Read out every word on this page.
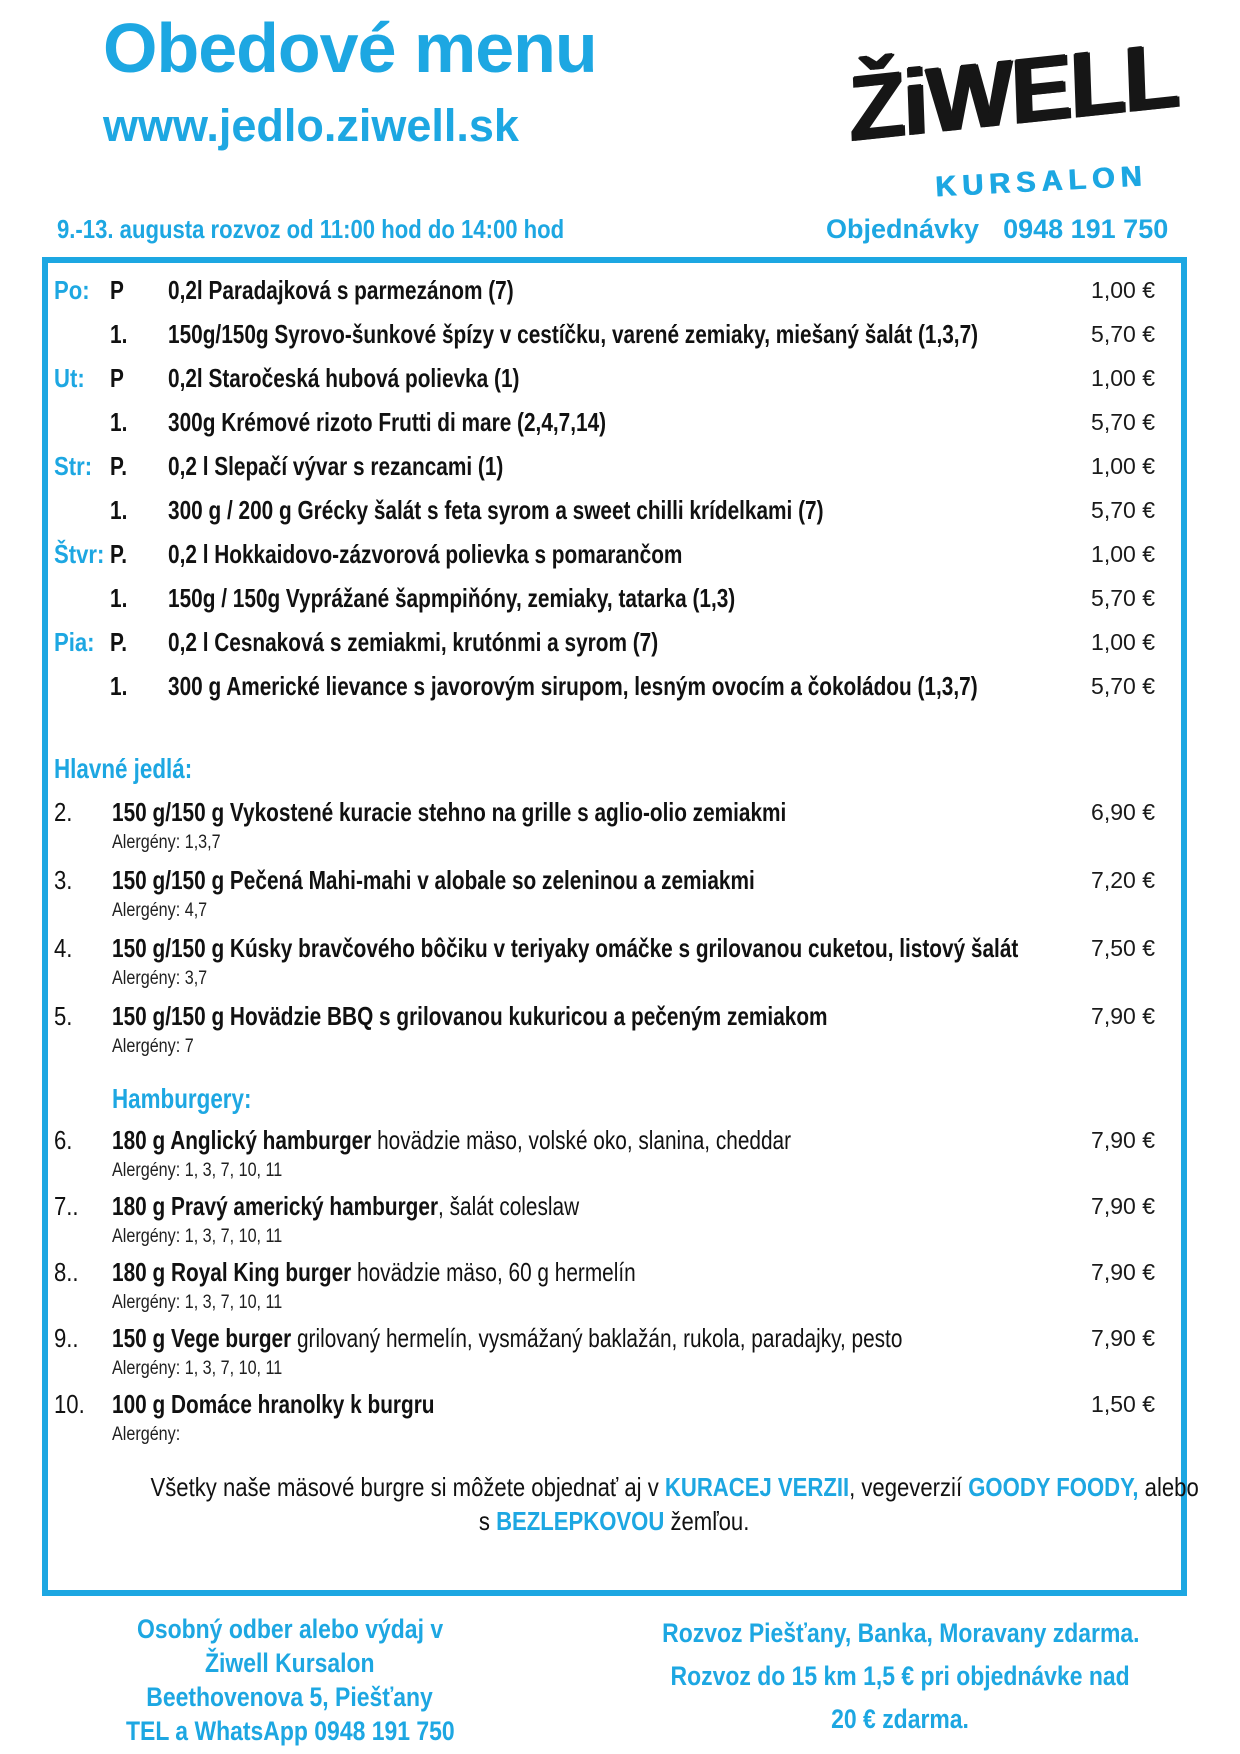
Obedové menu
www.jedlo.ziwell.sk
9.-13. augusta rozvoz od 11:00 hod do 14:00 hod
ŽiWELL
KURSALON
Objednávky 0948 191 750
Po: P	0,2l Paradajková s parmezánom (7)	1,00 €
1.	150g/150g Syrovo-šunkové špízy v cestíčku, varené zemiaky, miešaný šalát (1,3,7)	5,70 €
Ut: P	0,2l Staročeská hubová polievka (1)	1,00 €
1.	300g Krémové rizoto Frutti di mare (2,4,7,14)	5,70 €
Str: P.	0,2 l Slepačí vývar s rezancami (1)	1,00 €
1.	300 g / 200 g Grécky šalát s feta syrom a sweet chilli krídelkami (7)	5,70 €
Štvr: P.	0,2 l Hokkaidovo-zázvorová polievka s pomarančom	1,00 €
1.	150g / 150g Vyprážané šapmpiňóny, zemiaky, tatarka (1,3)	5,70 €
Pia: P.	0,2 l Cesnaková s zemiakmi, krutónmi a syrom (7)	1,00 €
1.	300 g Americké lievance s javorovým sirupom, lesným ovocím a čokoládou (1,3,7)	5,70 €
Hlavné jedlá:
2.	150 g/150 g Vykostené kuracie stehno na grille s aglio-olio zemiakmi	6,90 €
Alergény: 1,3,7
3.	150 g/150 g Pečená Mahi-mahi v alobale so zeleninou a zemiakmi	7,20 €
Alergény: 4,7
4.	150 g/150 g Kúsky bravčového bôčiku v teriyaky omáčke s grilovanou cuketou, listový šalát	7,50 €
Alergény: 3,7
5.	150 g/150 g Hovädzie BBQ s grilovanou kukuricou a pečeným zemiakom	7,90 €
Alergény: 7
Hamburgery:
6.	180 g Anglický hamburger hovädzie mäso, volské oko, slanina, cheddar	7,90 €
Alergény: 1, 3, 7, 10, 11
7..	180 g Pravý americký hamburger, šalát coleslaw	7,90 €
Alergény: 1, 3, 7, 10, 11
8..	180 g Royal King burger hovädzie mäso, 60 g hermelín	7,90 €
Alergény: 1, 3, 7, 10, 11
9..	150 g Vege burger grilovaný hermelín, vysmážaný baklažán, rukola, paradajky, pesto	7,90 €
Alergény: 1, 3, 7, 10, 11
10.	100 g Domáce hranolky k burgru	1,50 €
Alergény:

Všetky naše mäsové burgre si môžete objednať aj v KURACEJ VERZII, vegeverzií GOODY FOODY, alebo
s BEZLEPKOVOU žemľou.

Osobný odber alebo výdaj v
Žiwell Kursalon
Beethovenova 5, Piešťany
TEL a WhatsApp 0948 191 750
Rozvoz Piešťany, Banka, Moravany zdarma.
Rozvoz do 15 km 1,5 € pri objednávke nad
20 € zdarma.
